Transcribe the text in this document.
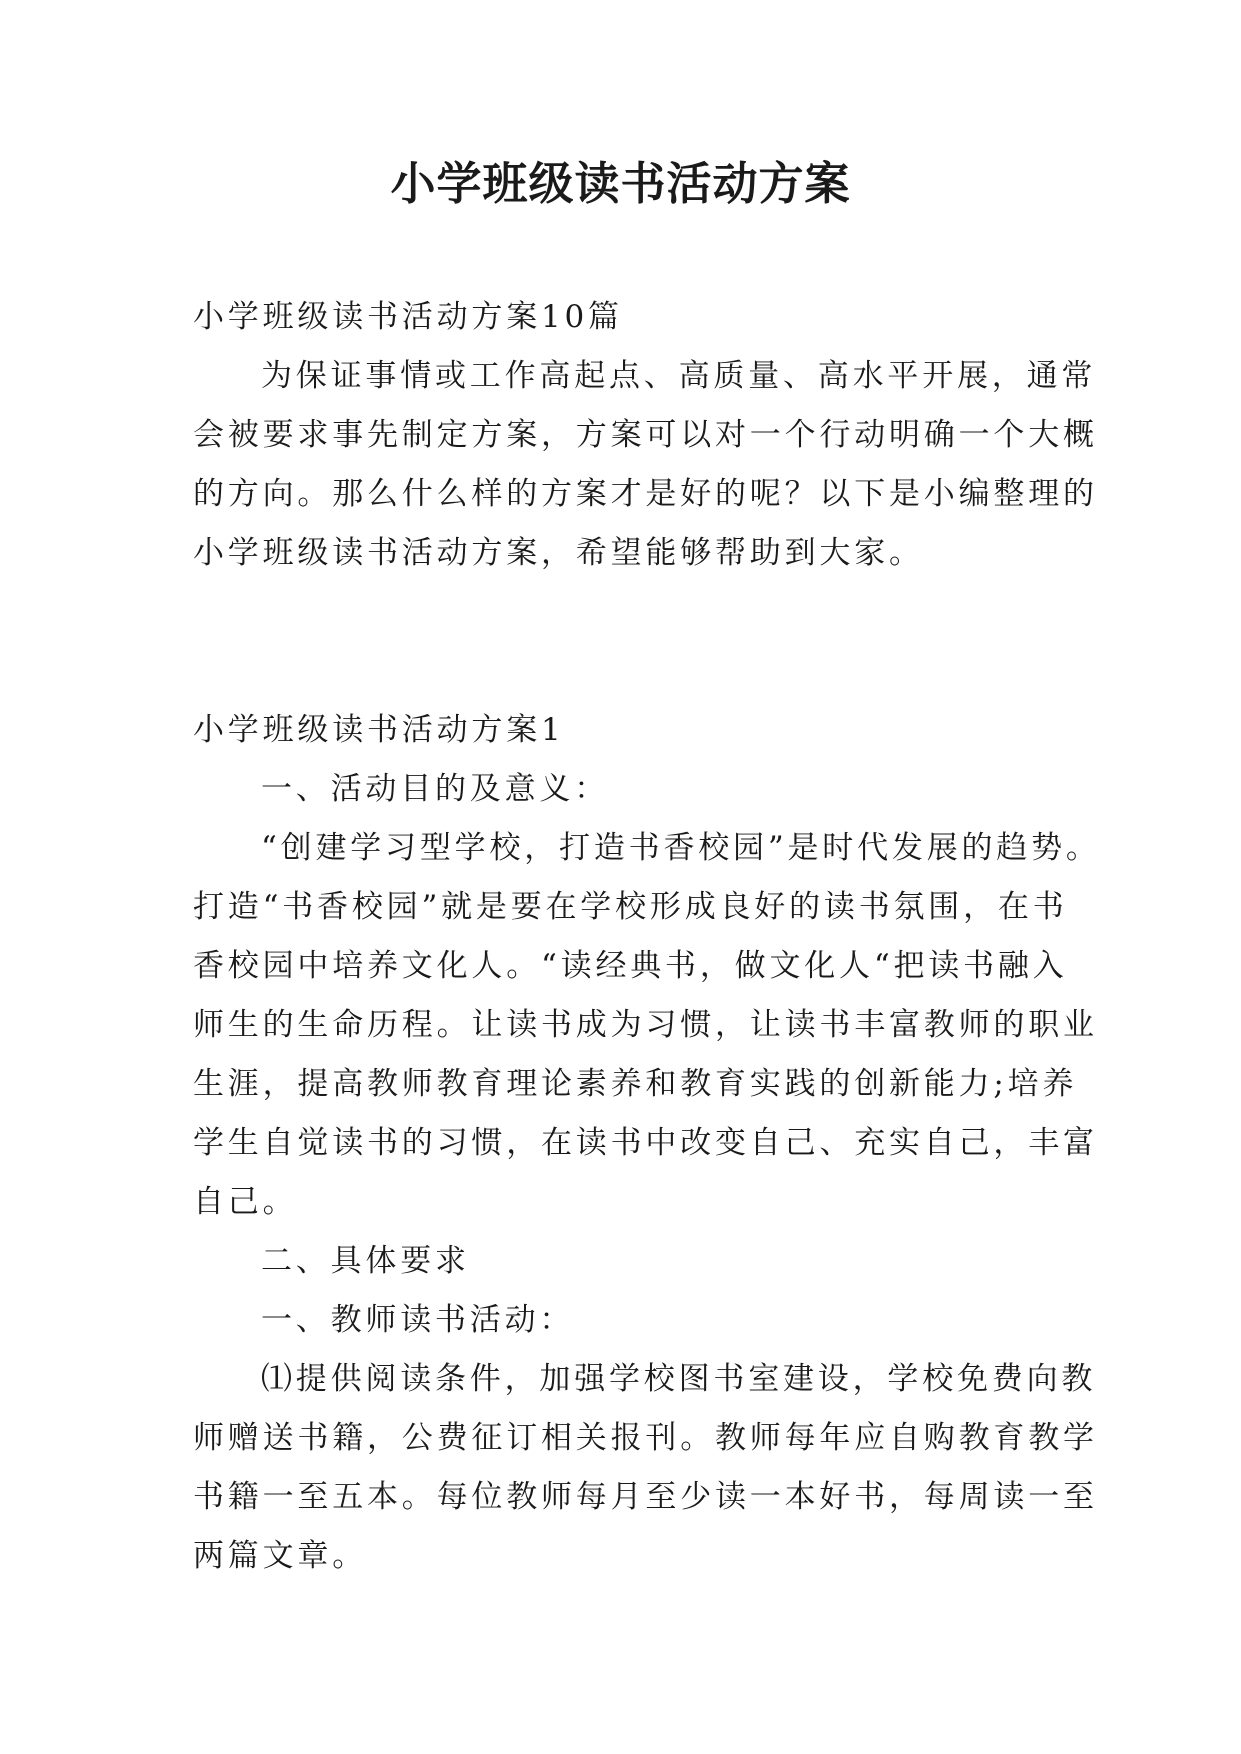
小学班级读书活动方案

小学班级读书活动方案10篇

为保证事情或工作高起点、高质量、高水平开展，通常

会被要求事先制定方案，方案可以对一个行动明确一个大概

的方向。那么什么样的方案才是好的呢？以下是小编整理的

小学班级读书活动方案，希望能够帮助到大家。

小学班级读书活动方案1

一、活动目的及意义：

“创建学习型学校，打造书香校园”是时代发展的趋势。

打造“书香校园”就是要在学校形成良好的读书氛围，在书

香校园中培养文化人。“读经典书，做文化人“把读书融入

师生的生命历程。让读书成为习惯，让读书丰富教师的职业

生涯，提高教师教育理论素养和教育实践的创新能力;培养

学生自觉读书的习惯，在读书中改变自己、充实自己，丰富

自己。

二、具体要求

一、教师读书活动：

⑴提供阅读条件，加强学校图书室建设，学校免费向教

师赠送书籍，公费征订相关报刊。教师每年应自购教育教学

书籍一至五本。每位教师每月至少读一本好书，每周读一至

两篇文章。
